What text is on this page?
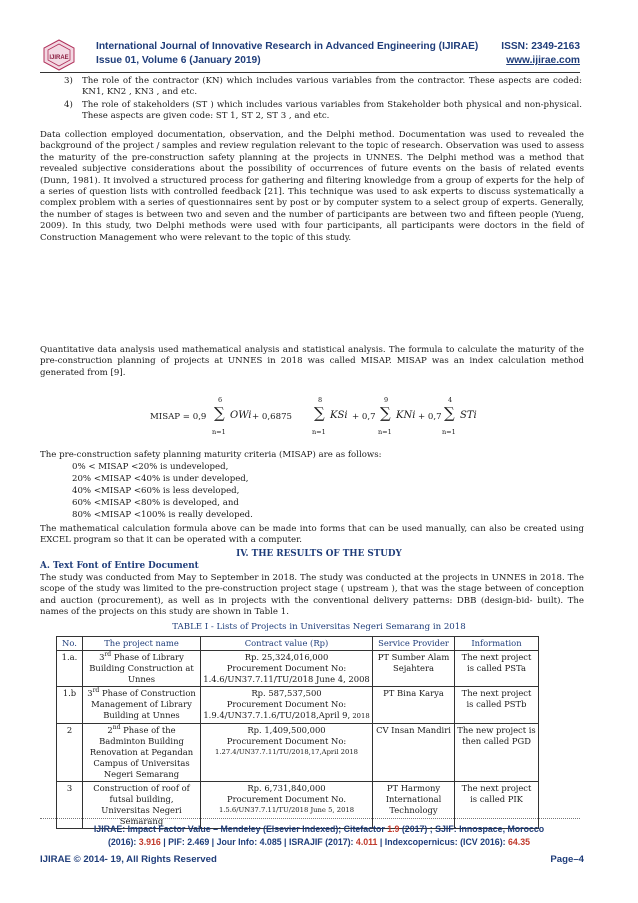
IJIRAE
International Journal of Innovative Research in Advanced Engineering (IJIRAE)
Issue 01, Volume 6 (January 2019)
ISSN: 2349-2163
www.ijirae.com
3) The role of the contractor (KN) which includes various variables from the contractor. These aspects are coded: KN1, KN2 , KN3 , and etc.
4) The role of stakeholders (ST ) which includes various variables from Stakeholder both physical and non-physical. These aspects are given code: ST 1, ST 2, ST 3 , and etc.
Data collection employed documentation, observation, and the Delphi method. Documentation was used to revealed the background of the project / samples and review regulation relevant to the topic of research. Observation was used to assess the maturity of the pre-construction safety planning at the projects in UNNES. The Delphi method was a method that revealed subjective considerations about the possibility of occurrences of future events on the basis of related events (Dunn, 1981). It involved a structured process for gathering and filtering knowledge from a group of experts for the help of a series of question lists with controlled feedback [21]. This technique was used to ask experts to discuss systematically a complex problem with a series of questionnaires sent by post or by computer system to a select group of experts. Generally, the number of stages is between two and seven and the number of participants are between two and fifteen people (Yueng, 2009). In this study, two Delphi methods were used with four participants, all participants were doctors in the field of Construction Management who were relevant to the topic of this study.
Quantitative data analysis used mathematical analysis and statistical analysis. The formula to calculate the maturity of the pre-construction planning of projects at UNNES in 2018 was called MISAP. MISAP was an index calculation method generated from [9].
MISAP = 0,9
6
∑
n=1
OWi + 0,6875
8
∑
n=1
KSi + 0,7
9
∑
n=1
KNi + 0,7
4
∑
n=1
STi
The pre-construction safety planning maturity criteria (MISAP) are as follows:
0% < MISAP <20% is undeveloped,
20% <MISAP <40% is under developed,
40% <MISAP <60% is less developed,
60% <MISAP <80% is developed, and
80% <MISAP <100% is really developed.
The mathematical calculation formula above can be made into forms that can be used manually, can also be created using EXCEL program so that it can be operated with a computer.
IV. THE RESULTS OF THE STUDY
A. Text Font of Entire Document
The study was conducted from May to September in 2018. The study was conducted at the projects in UNNES in 2018. The scope of the study was limited to the pre-construction project stage ( upstream ), that was the stage between of conception and auction (procurement), as well as in projects with the conventional delivery patterns: DBB (design-bid- built). The names of the projects on this study are shown in Table 1.
TABLE I - Lists of Projects in Universitas Negeri Semarang in 2018
No.	The project name	Contract value (Rp)	Service Provider	Information
1.a.	3rd Phase of Library Building Construction at Unnes	Rp. 25,324,016,000
Procurement Document No:
1.4.6/UN37.7.11/TU/2018 June 4, 2008	PT Sumber Alam Sejahtera	The next project is called PSTa
1.b	3rd Phase of Construction Management of Library Building at Unnes	Rp. 587,537,500
Procurement Document No:
1.9.4/UN37.7.1.6/TU/2018,April 9, 2018	PT Bina Karya	The next project is called PSTb
2	2nd Phase of the Badminton Building Renovation at Pegandan Campus of Universitas Negeri Semarang	Rp. 1,409,500,000
Procurement Document No:
1.27.4/UN37.7.11/TU/2018,17,April 2018	CV Insan Mandiri	The new project is then called PGD
3	Construction of roof of futsal building, Universitas Negeri Semarang	Rp. 6,731,840,000
Procurement Document No.
1.5.6/UN37.7.11/TU/2018 June 5, 2018	PT Harmony International Technology	The next project is called PIK
IJIRAE: Impact Factor Value – Mendeley (Elsevier Indexed); Citefactor 1.9 (2017) ; SJIF: Innospace, Morocco
(2016): 3.916 | PIF: 2.469 | Jour Info: 4.085 | ISRAJIF (2017): 4.011 | Indexcopernicus: (ICV 2016): 64.35
IJIRAE © 2014- 19, All Rights Reserved	Page–4
